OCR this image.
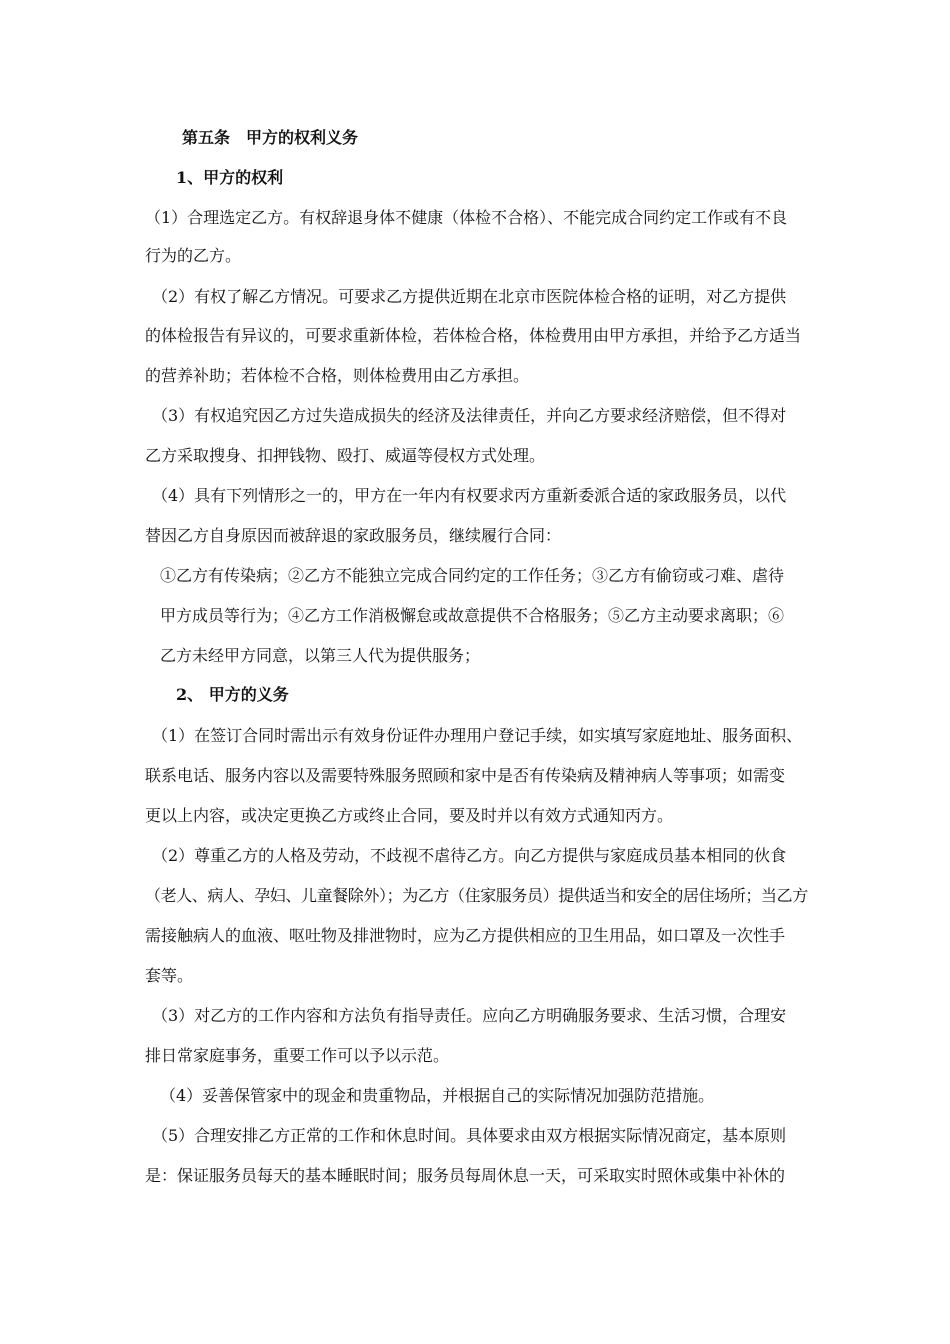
第五条　甲方的权利义务
1、甲方的权利
（1）合理选定乙方。有权辞退身体不健康（体检不合格）、不能完成合同约定工作或有不良
行为的乙方。
（2）有权了解乙方情况。可要求乙方提供近期在北京市医院体检合格的证明，对乙方提供
的体检报告有异议的，可要求重新体检，若体检合格，体检费用由甲方承担，并给予乙方适当
的营养补助；若体检不合格，则体检费用由乙方承担。
（3）有权追究因乙方过失造成损失的经济及法律责任，并向乙方要求经济赔偿，但不得对
乙方采取搜身、扣押钱物、殴打、威逼等侵权方式处理。
（4）具有下列情形之一的，甲方在一年内有权要求丙方重新委派合适的家政服务员，以代
替因乙方自身原因而被辞退的家政服务员，继续履行合同：
①乙方有传染病；②乙方不能独立完成合同约定的工作任务；③乙方有偷窃或刁难、虐待
甲方成员等行为；④乙方工作消极懈怠或故意提供不合格服务；⑤乙方主动要求离职；⑥
乙方未经甲方同意，以第三人代为提供服务；
2、 甲方的义务
（1）在签订合同时需出示有效身份证件办理用户登记手续，如实填写家庭地址、服务面积、
联系电话、服务内容以及需要特殊服务照顾和家中是否有传染病及精神病人等事项；如需变
更以上内容，或决定更换乙方或终止合同，要及时并以有效方式通知丙方。
（2）尊重乙方的人格及劳动，不歧视不虐待乙方。向乙方提供与家庭成员基本相同的伙食
（老人、病人、孕妇、儿童餐除外）；为乙方（住家服务员）提供适当和安全的居住场所；当乙方
需接触病人的血液、呕吐物及排泄物时，应为乙方提供相应的卫生用品，如口罩及一次性手
套等。
（3）对乙方的工作内容和方法负有指导责任。应向乙方明确服务要求、生活习惯，合理安
排日常家庭事务，重要工作可以予以示范。
（4）妥善保管家中的现金和贵重物品，并根据自己的实际情况加强防范措施。
（5）合理安排乙方正常的工作和休息时间。具体要求由双方根据实际情况商定，基本原则
是：保证服务员每天的基本睡眠时间；服务员每周休息一天，可采取实时照休或集中补休的
